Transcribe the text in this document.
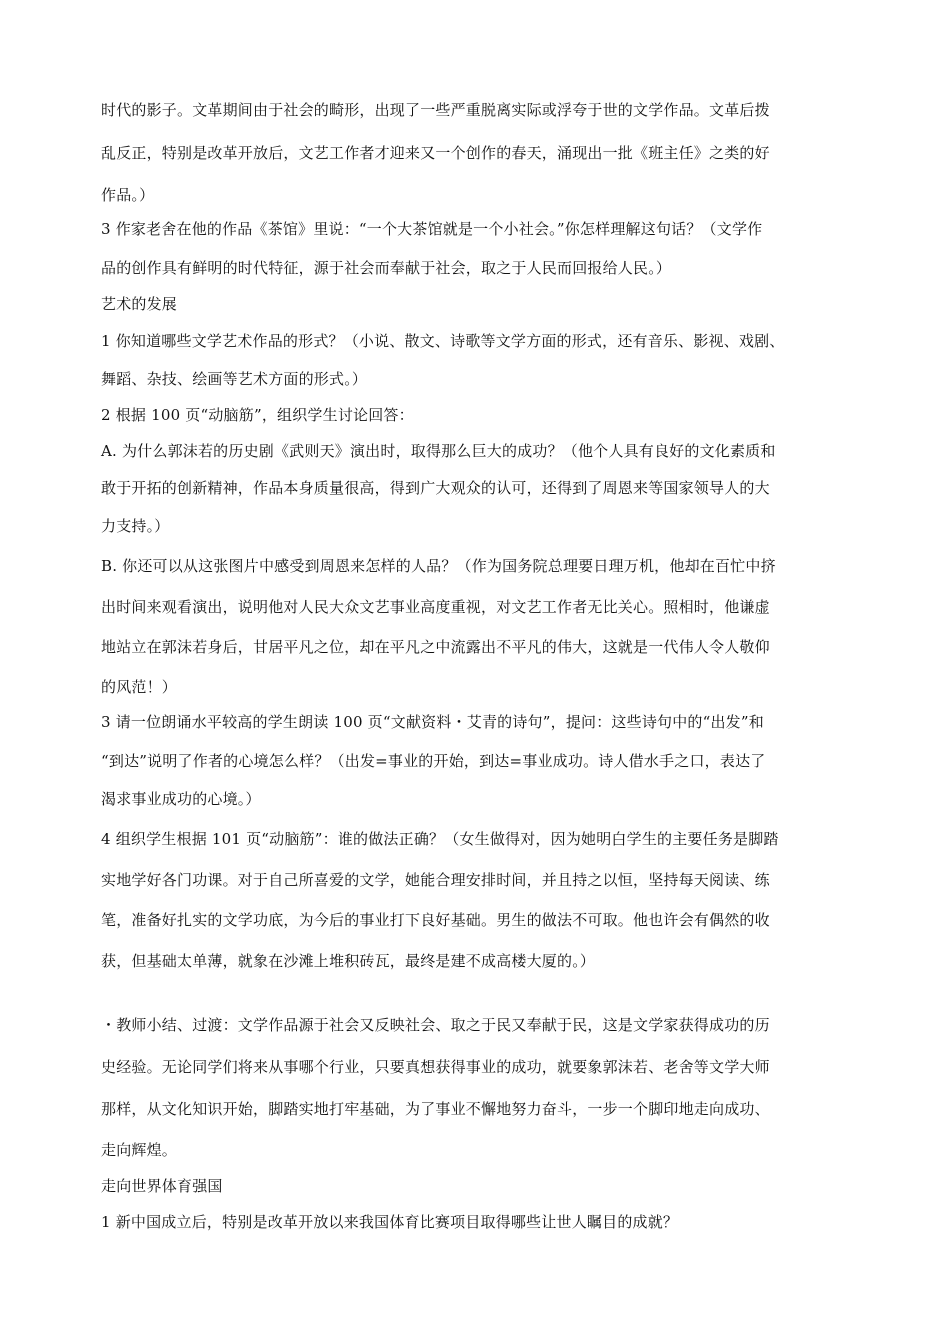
时代的影子。文革期间由于社会的畸形，出现了一些严重脱离实际或浮夸于世的文学作品。文革后拨
乱反正，特别是改革开放后，文艺工作者才迎来又一个创作的春天，涌现出一批《班主任》之类的好
作品。）
3 作家老舍在他的作品《茶馆》里说：“一个大茶馆就是一个小社会。”你怎样理解这句话？（文学作
品的创作具有鲜明的时代特征，源于社会而奉献于社会，取之于人民而回报给人民。）
艺术的发展
1 你知道哪些文学艺术作品的形式？（小说、散文、诗歌等文学方面的形式，还有音乐、影视、戏剧、
舞蹈、杂技、绘画等艺术方面的形式。）
2 根据 100 页“动脑筋”，组织学生讨论回答：
A. 为什么郭沫若的历史剧《武则天》演出时，取得那么巨大的成功？（他个人具有良好的文化素质和
敢于开拓的创新精神，作品本身质量很高，得到广大观众的认可，还得到了周恩来等国家领导人的大
力支持。）
B. 你还可以从这张图片中感受到周恩来怎样的人品？（作为国务院总理要日理万机，他却在百忙中挤
出时间来观看演出，说明他对人民大众文艺事业高度重视，对文艺工作者无比关心。照相时，他谦虚
地站立在郭沫若身后，甘居平凡之位，却在平凡之中流露出不平凡的伟大，这就是一代伟人令人敬仰
的风范！）
3 请一位朗诵水平较高的学生朗读 100 页“文献资料・艾青的诗句”，提问：这些诗句中的“出发”和
“到达”说明了作者的心境怎么样？（出发=事业的开始，到达=事业成功。诗人借水手之口，表达了
渴求事业成功的心境。）
4 组织学生根据 101 页“动脑筋”：谁的做法正确？（女生做得对，因为她明白学生的主要任务是脚踏
实地学好各门功课。对于自己所喜爱的文学，她能合理安排时间，并且持之以恒，坚持每天阅读、练
笔，准备好扎实的文学功底，为今后的事业打下良好基础。男生的做法不可取。他也许会有偶然的收
获，但基础太单薄，就象在沙滩上堆积砖瓦，最终是建不成高楼大厦的。）
・教师小结、过渡：文学作品源于社会又反映社会、取之于民又奉献于民，这是文学家获得成功的历
史经验。无论同学们将来从事哪个行业，只要真想获得事业的成功，就要象郭沫若、老舍等文学大师
那样，从文化知识开始，脚踏实地打牢基础，为了事业不懈地努力奋斗，一步一个脚印地走向成功、
走向辉煌。
走向世界体育强国
1 新中国成立后，特别是改革开放以来我国体育比赛项目取得哪些让世人瞩目的成就？
